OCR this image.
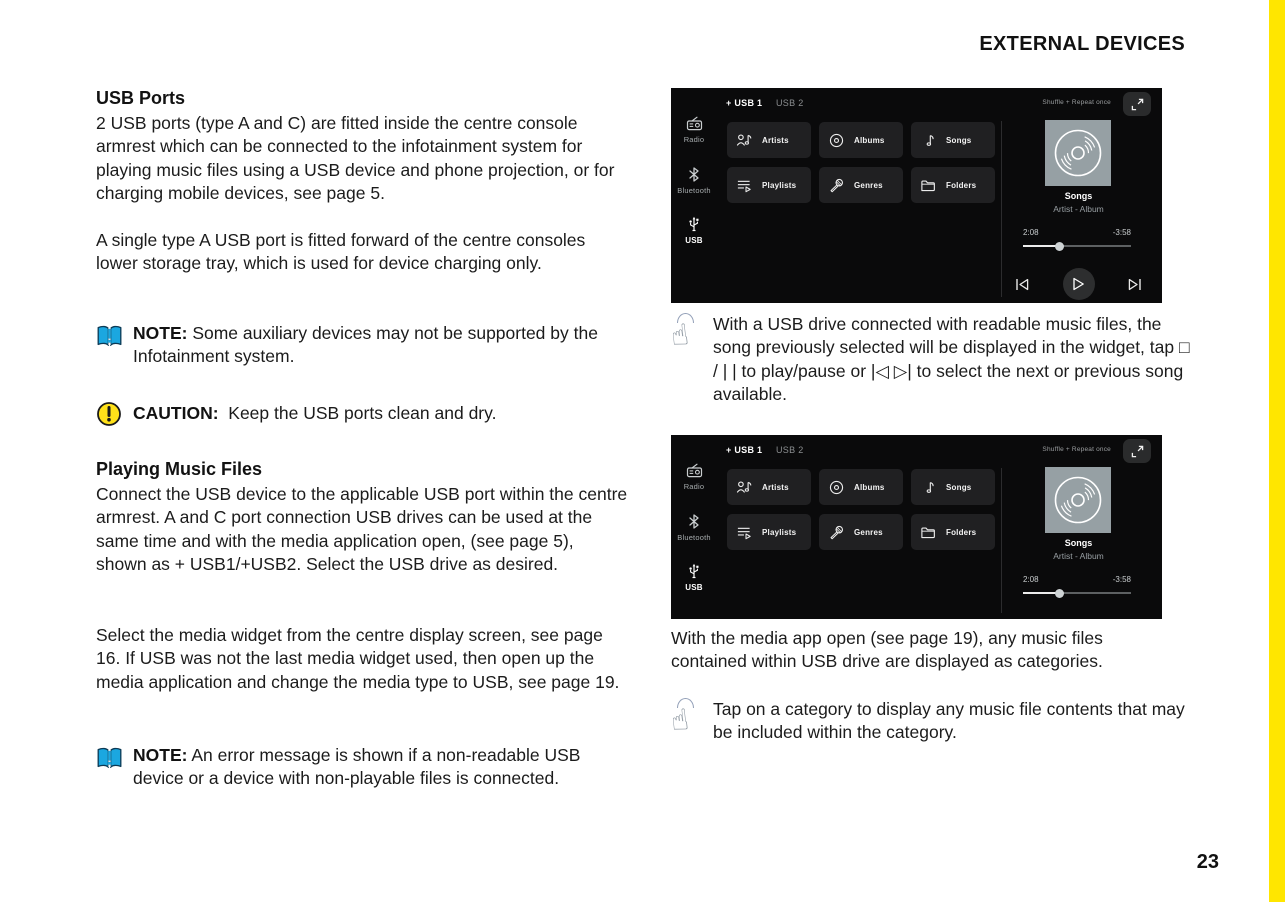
EXTERNAL DEVICES
USB Ports

2 USB ports (type A and C) are fitted inside the centre console armrest which can be connected to the infotainment system for playing music files using a USB device and phone projection, or for charging mobile devices, see page 5.

A single type A USB port is fitted forward of the centre consoles lower storage tray, which is used for device charging only.

NOTE: Some auxiliary devices may not be supported by the Infotainment system.

CAUTION:  Keep the USB ports clean and dry.

Playing Music Files

Connect the USB device to the applicable USB port within the centre armrest. A and C port connection USB drives can be used at the same time and with the media application open, (see page 5), shown as + USB1/+USB2. Select the USB drive as desired.

Select the media widget from the centre display screen, see page 16. If USB was not the last media widget used, then open up the media application and change the media type to USB, see page 19.

NOTE: An error message is shown if a non-readable USB device or a device with non-playable files is connected.

+ USB 1 USB 2
Radio
Bluetooth
USB
Artists	Albums	Songs
Playlists	Genres	Folders
Shuffle + Repeat once
Songs
Artist - Album
2:08	-3:58
☝	With a USB drive connected with readable music files, the song previously selected will be displayed in the widget, tap □ / | | to play/pause or |◁ ▷| to select the next or previous song available.

+ USB 1 USB 2
Radio
Bluetooth
USB
Artists	Albums	Songs
Playlists	Genres	Folders
Shuffle + Repeat once
Songs
Artist - Album
2:08	-3:58

With the media app open (see page 19), any music files contained within USB drive are displayed as categories.

☝	Tap on a category to display any music file contents that may be included within the category.

23
